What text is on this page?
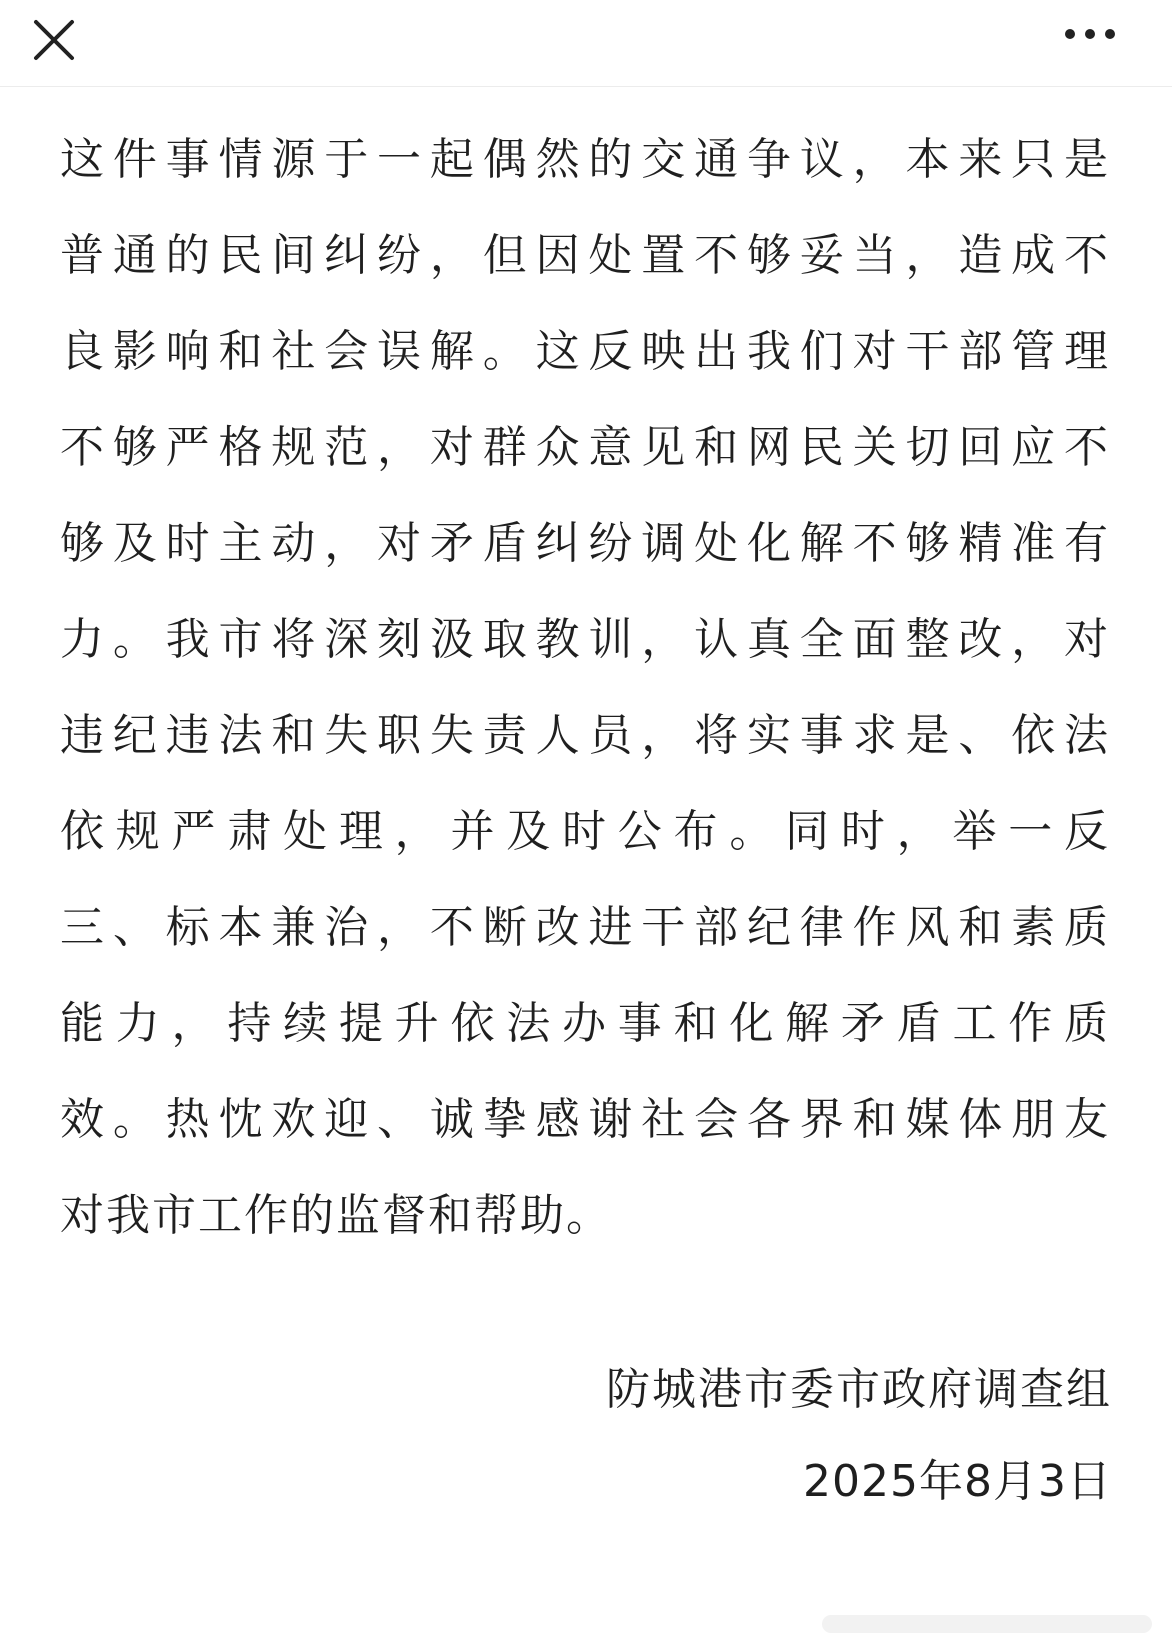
这件事情源于一起偶然的交通争议，本来只是
普通的民间纠纷，但因处置不够妥当，造成不
良影响和社会误解。这反映出我们对干部管理
不够严格规范，对群众意见和网民关切回应不
够及时主动，对矛盾纠纷调处化解不够精准有
力。我市将深刻汲取教训，认真全面整改，对
违纪违法和失职失责人员，将实事求是、依法
依规严肃处理，并及时公布。同时，举一反
三、标本兼治，不断改进干部纪律作风和素质
能力，持续提升依法办事和化解矛盾工作质
效。热忱欢迎、诚挚感谢社会各界和媒体朋友
对我市工作的监督和帮助。
防城港市委市政府调查组
2025年8月3日
